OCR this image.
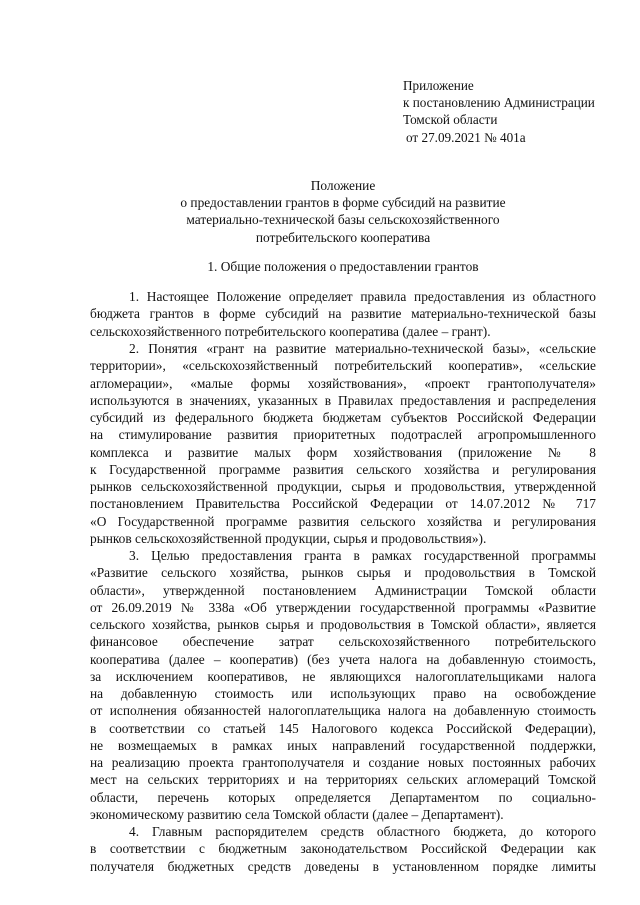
Приложение
к постановлению Администрации
Томской области
от 27.09.2021 № 401а
Положение
о предоставлении грантов в форме субсидий на развитие
материально-технической базы сельскохозяйственного
потребительского кооператива
1. Общие положения о предоставлении грантов
1. Настоящее Положение определяет правила предоставления из областного
бюджета грантов в форме субсидий на развитие материально-технической базы
сельскохозяйственного потребительского кооператива (далее – грант).
2. Понятия «грант на развитие материально-технической базы», «сельские
территории», «сельскохозяйственный потребительский кооператив», «сельские
агломерации», «малые формы хозяйствования», «проект грантополучателя»
используются в значениях, указанных в Правилах предоставления и распределения
субсидий из федерального бюджета бюджетам субъектов Российской Федерации
на стимулирование развития приоритетных подотраслей агропромышленного
комплекса и развитие малых форм хозяйствования (приложение № 8
к Государственной программе развития сельского хозяйства и регулирования
рынков сельскохозяйственной продукции, сырья и продовольствия, утвержденной
постановлением Правительства Российской Федерации от 14.07.2012 № 717
«О Государственной программе развития сельского хозяйства и регулирования
рынков сельскохозяйственной продукции, сырья и продовольствия»).
3. Целью предоставления гранта в рамках государственной программы
«Развитие сельского хозяйства, рынков сырья и продовольствия в Томской
области», утвержденной постановлением Администрации Томской области
от 26.09.2019 № 338а «Об утверждении государственной программы «Развитие
сельского хозяйства, рынков сырья и продовольствия в Томской области», является
финансовое обеспечение затрат сельскохозяйственного потребительского
кооператива (далее – кооператив) (без учета налога на добавленную стоимость,
за исключением кооперативов, не являющихся налогоплательщиками налога
на добавленную стоимость или использующих право на освобождение
от исполнения обязанностей налогоплательщика налога на добавленную стоимость
в соответствии со статьей 145 Налогового кодекса Российской Федерации),
не возмещаемых в рамках иных направлений государственной поддержки,
на реализацию проекта грантополучателя и создание новых постоянных рабочих
мест на сельских территориях и на территориях сельских агломераций Томской
области, перечень которых определяется Департаментом по социально-
экономическому развитию села Томской области (далее – Департамент).
4. Главным распорядителем средств областного бюджета, до которого
в соответствии с бюджетным законодательством Российской Федерации как
получателя бюджетных средств доведены в установленном порядке лимиты
